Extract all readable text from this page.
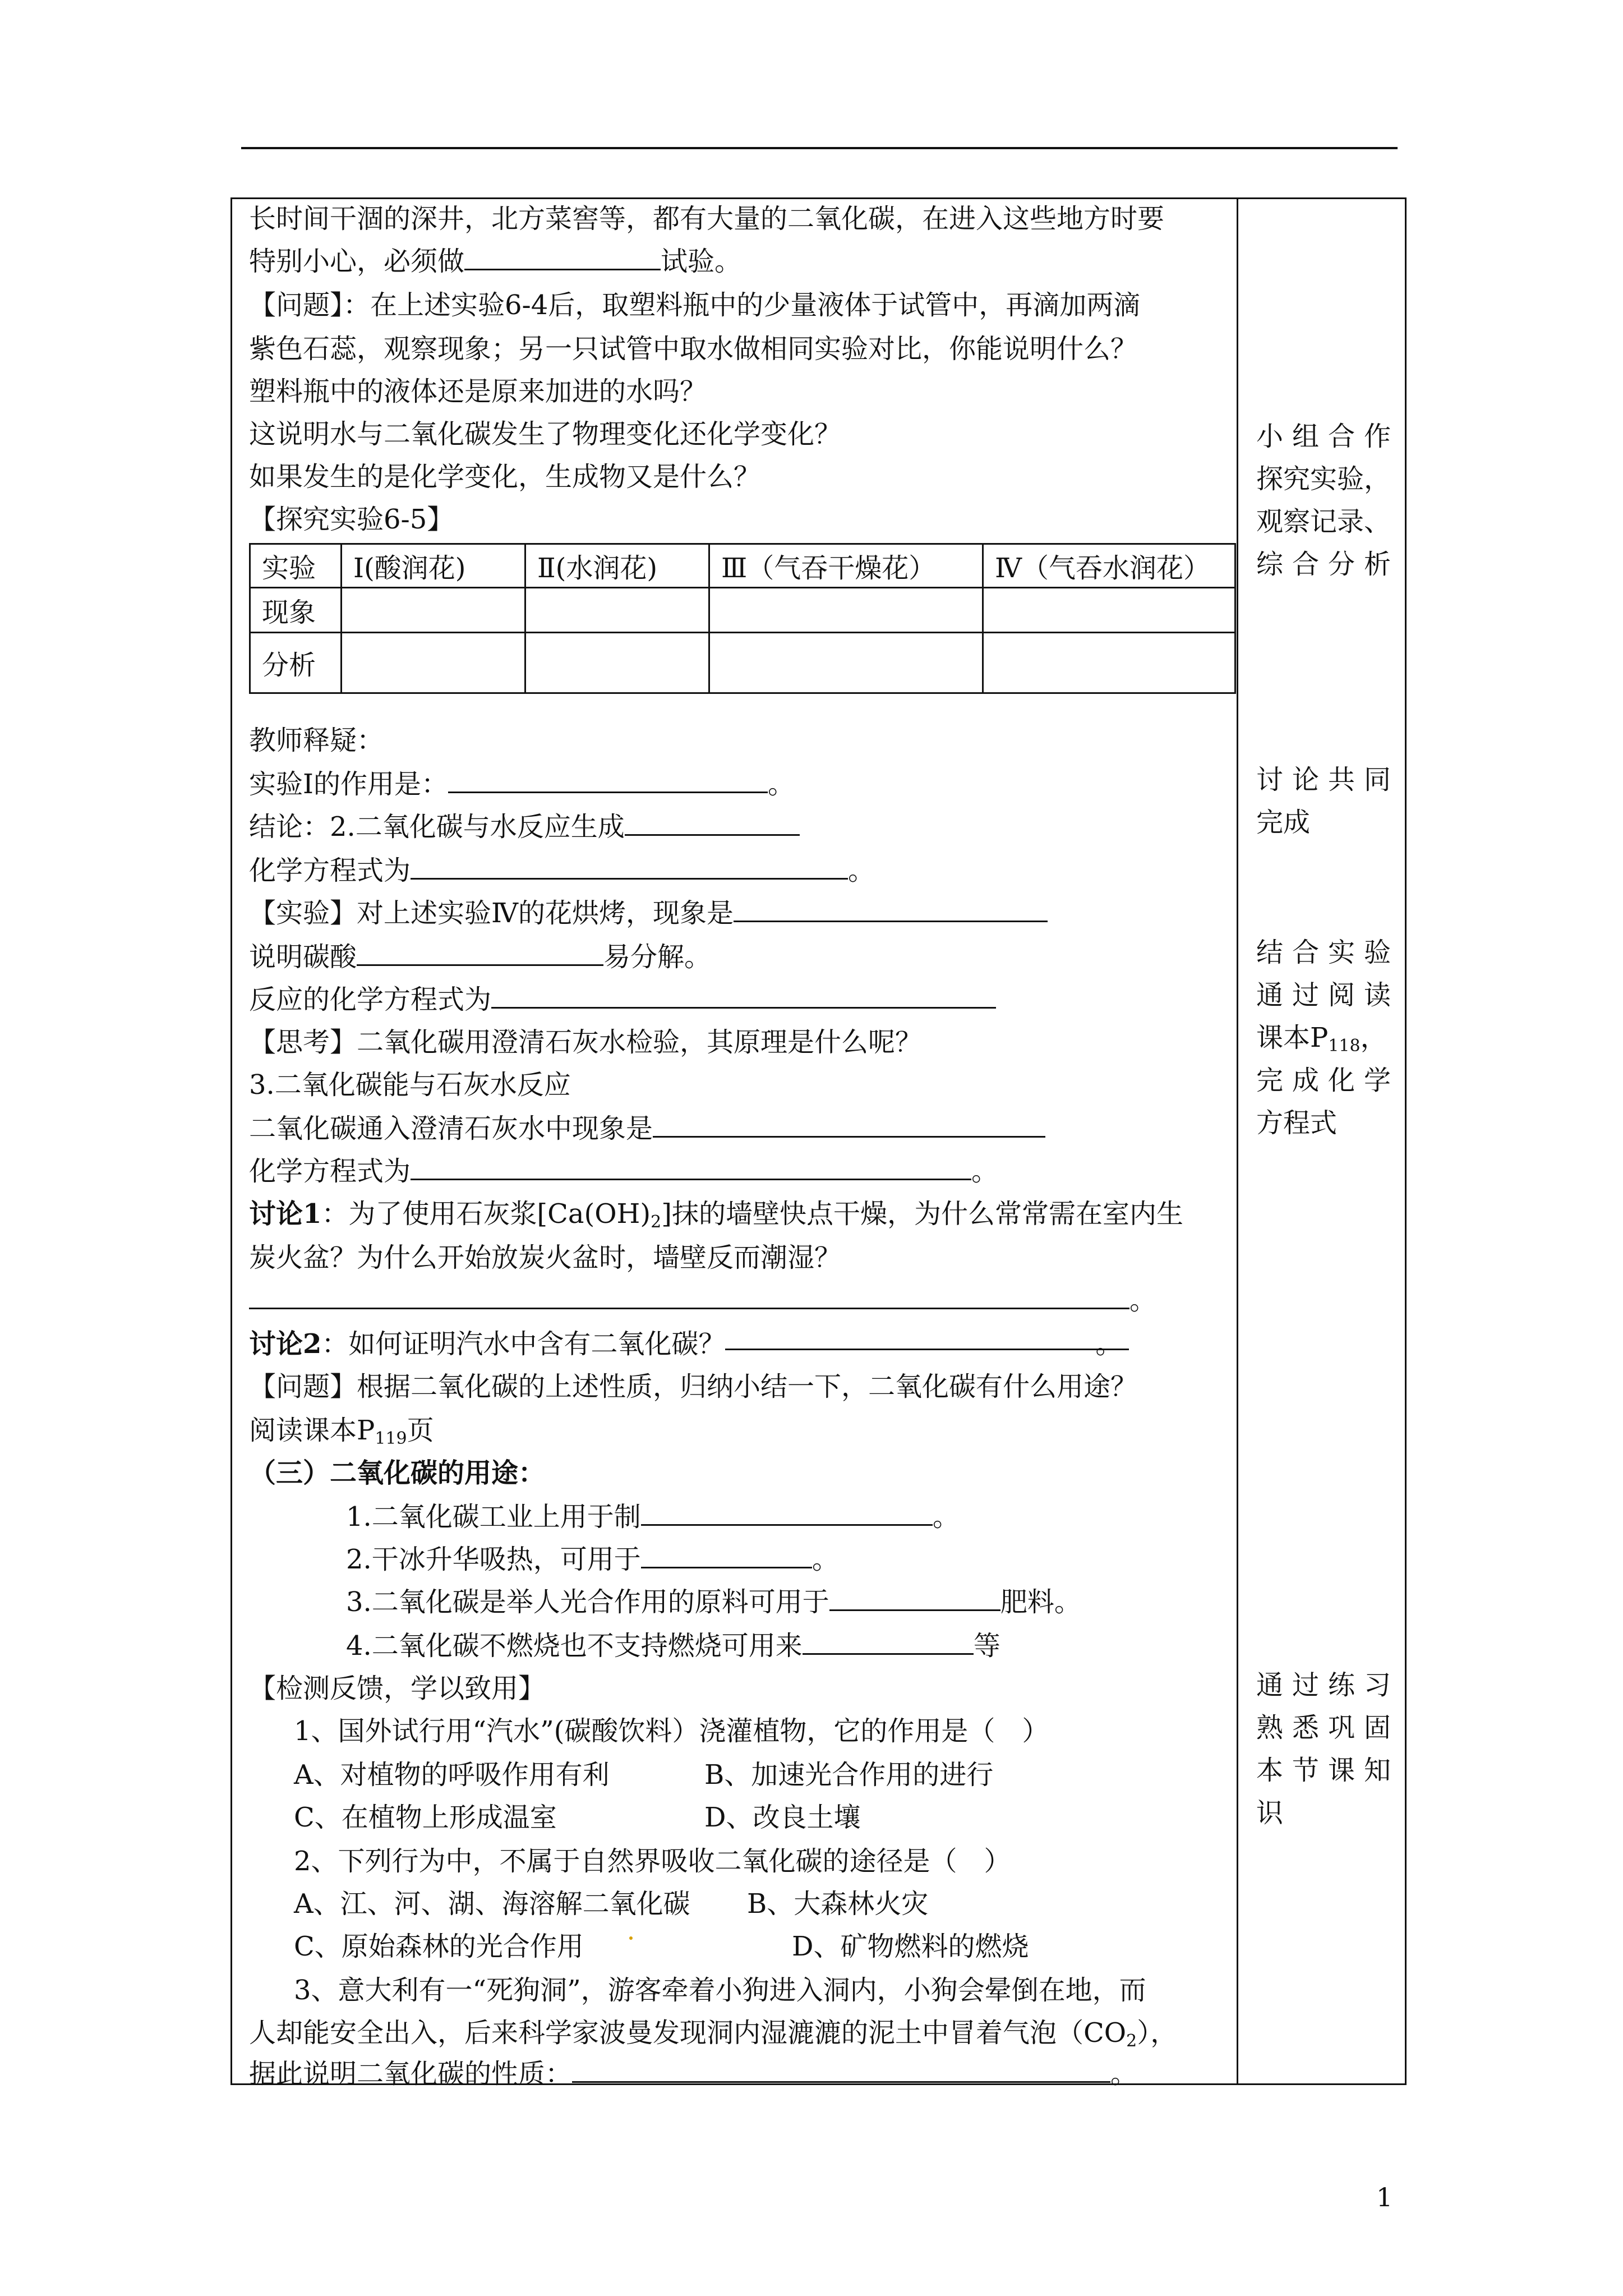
长时间干涸的深井，北方菜窖等，都有大量的二氧化碳，在进入这些地方时要
特别小心，必须做	试验。
【问题】：在上述实验6-4后，取塑料瓶中的少量液体于试管中，再滴加两滴
紫色石蕊，观察现象；另一只试管中取水做相同实验对比，你能说明什么？
塑料瓶中的液体还是原来加进的水吗？
这说明水与二氧化碳发生了物理变化还化学变化？
如果发生的是化学变化，生成物又是什么？
【探究实验6-5】
实验	Ⅰ(酸润花)	Ⅱ(水润花)	Ⅲ（气吞干燥花）	Ⅳ（气吞水润花）
现象				
分析				
教师释疑：
实验Ⅰ的作用是：	。
结论：2.二氧化碳与水反应生成
化学方程式为	。
【实验】对上述实验Ⅳ的花烘烤，现象是
说明碳酸	易分解。
反应的化学方程式为
【思考】二氧化碳用澄清石灰水检验，其原理是什么呢？
3.二氧化碳能与石灰水反应
二氧化碳通入澄清石灰水中现象是
化学方程式为	。
讨论1：为了使用石灰浆$[Ca(OH)_2]$抹的墙壁快点干燥，为什么常常需在室内生
炭火盆？为什么开始放炭火盆时，墙壁反而潮湿？
。
讨论2：如何证明汽水中含有二氧化碳？	。
【问题】根据二氧化碳的上述性质，归纳小结一下，二氧化碳有什么用途？
阅读课本$P_{119}$页
（三）二氧化碳的用途：
1.二氧化碳工业上用于制	。
2.干冰升华吸热，可用于	。
3.二氧化碳是举人光合作用的原料可用于	肥料。
4.二氧化碳不燃烧也不支持燃烧可用来	等
【检测反馈，学以致用】
1、国外试行用“汽水”(碳酸饮料）浇灌植物，它的作用是（　）
A、对植物的呼吸作用有利	B、加速光合作用的进行
C、在植物上形成温室	D、改良土壤
2、下列行为中，不属于自然界吸收二氧化碳的途径是（　）
A、江、河、湖、海溶解二氧化碳 B、大森林火灾
C、原始森林的光合作用	D、矿物燃料的燃烧
3、意大利有一“死狗洞”，游客牵着小狗进入洞内，小狗会晕倒在地，而
人却能安全出入，后来科学家波曼发现洞内湿漉漉的泥土中冒着气泡$(CO_2)$，
据此说明二氧化碳的性质：	。
小组合作
探究实验，
观察记录、
综合分析
讨论共同
完成
结合实验
通过阅读
课本$P_{118}$，
完成化学
方程式
通过练习
熟悉巩固
本节课知
识
1
